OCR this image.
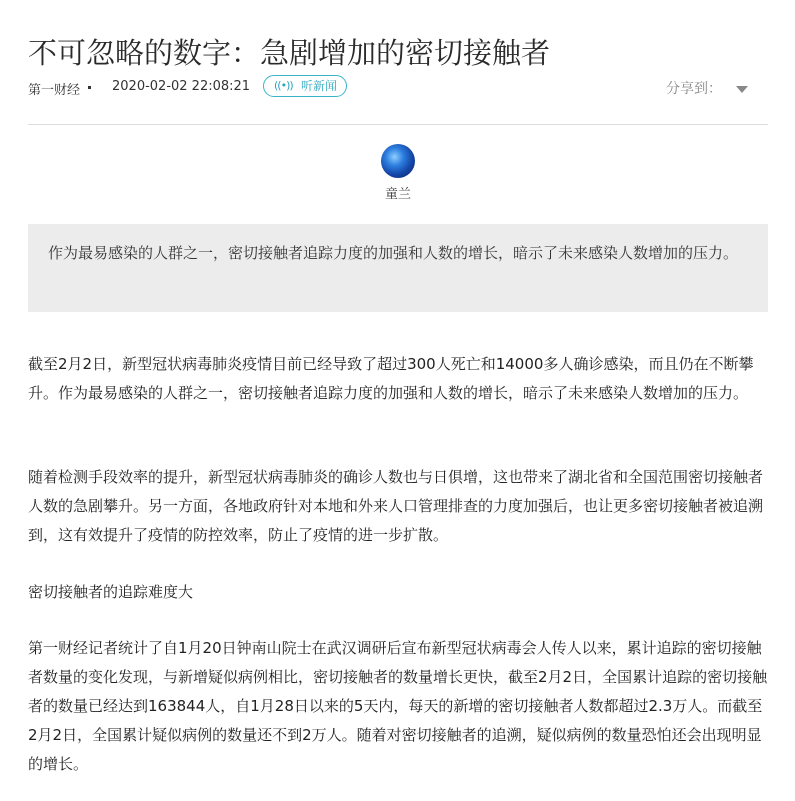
不可忽略的数字：急剧增加的密切接触者
第一财经 2020-02-02 22:08:21 ((•)) 听新闻	分享到：
童兰
作为最易感染的人群之一，密切接触者追踪力度的加强和人数的增长，暗示了未来感染人数增加的压力。

截至2月2日，新型冠状病毒肺炎疫情目前已经导致了超过300人死亡和14000多人确诊感染，而且仍在不断攀升。作为最易感染的人群之一，密切接触者追踪力度的加强和人数的增长，暗示了未来感染人数增加的压力。

随着检测手段效率的提升，新型冠状病毒肺炎的确诊人数也与日俱增，这也带来了湖北省和全国范围密切接触者人数的急剧攀升。另一方面，各地政府针对本地和外来人口管理排查的力度加强后，也让更多密切接触者被追溯到，这有效提升了疫情的防控效率，防止了疫情的进一步扩散。

密切接触者的追踪难度大

第一财经记者统计了自1月20日钟南山院士在武汉调研后宣布新型冠状病毒会人传人以来，累计追踪的密切接触者数量的变化发现，与新增疑似病例相比，密切接触者的数量增长更快，截至2月2日，全国累计追踪的密切接触者的数量已经达到163844人，自1月28日以来的5天内，每天的新增的密切接触者人数都超过2.3万人。而截至2月2日，全国累计疑似病例的数量还不到2万人。随着对密切接触者的追溯，疑似病例的数量恐怕还会出现明显的增长。
